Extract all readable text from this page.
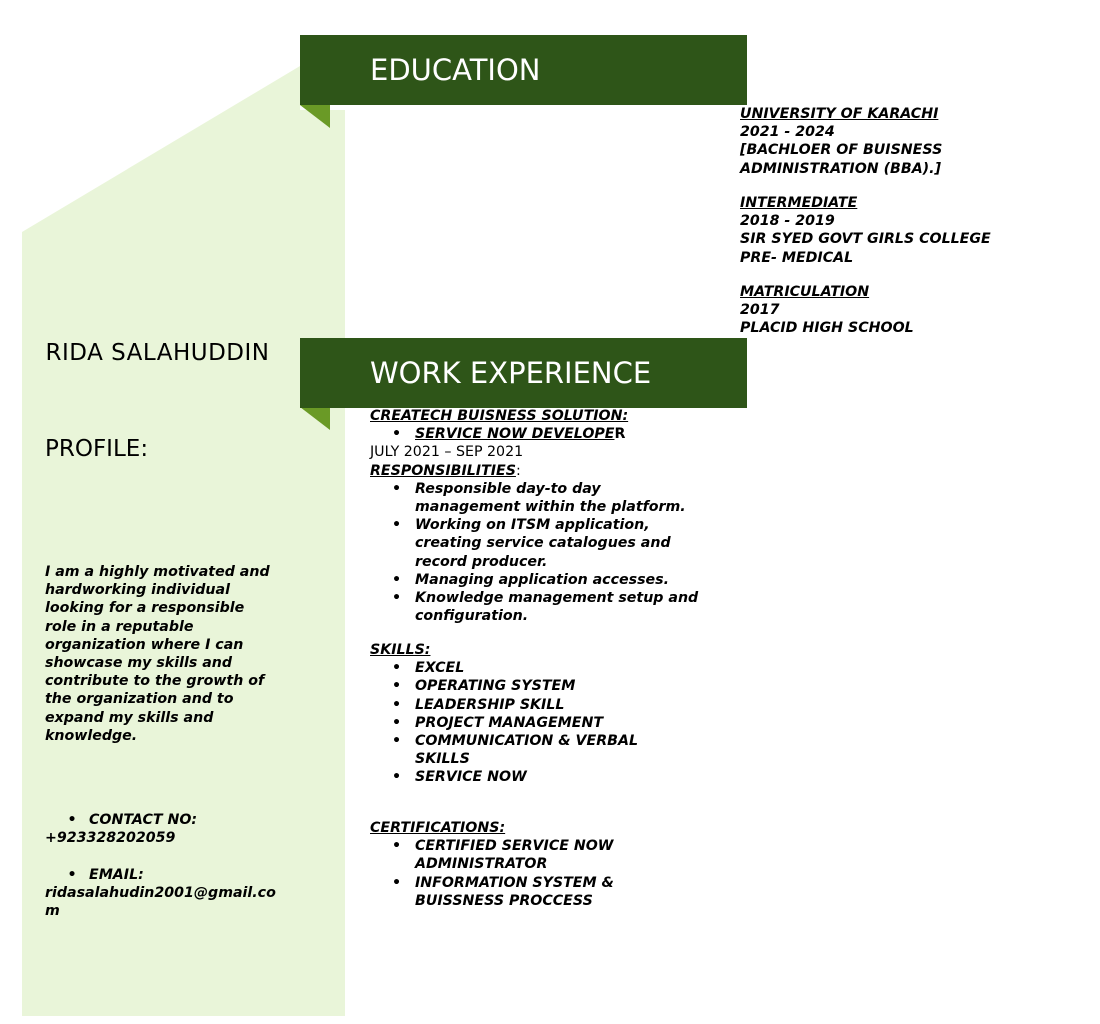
RIDA SALAHUDDIN
PROFILE:
I am a highly motivated and hardworking individual looking for a responsible role in a reputable organization where I can showcase my skills and contribute to the growth of the organization and to expand my skills and knowledge.
• CONTACT NO:
+923328202059
• EMAIL:
ridasalahudin2001@gmail.com
EDUCATION
UNIVERSITY OF KARACHI
2021 - 2024
[BACHLOER OF BUISNESS ADMINISTRATION (BBA).]
INTERMEDIATE
2018 - 2019
SIR SYED GOVT GIRLS COLLEGE
PRE- MEDICAL
MATRICULATION
2017
PLACID HIGH SCHOOL
WORK EXPERIENCE
CREATECH BUISNESS SOLUTION:
• SERVICE NOW DEVELOPER
JULY 2021 – SEP 2021
RESPONSIBILITIES:
• Responsible day-to day management within the platform.
• Working on ITSM application, creating service catalogues and record producer.
• Managing application accesses.
• Knowledge management setup and configuration.
SKILLS:
• EXCEL
• OPERATING SYSTEM
• LEADERSHIP SKILL
• PROJECT MANAGEMENT
• COMMUNICATION & VERBAL SKILLS
• SERVICE NOW
CERTIFICATIONS:
• CERTIFIED SERVICE NOW ADMINISTRATOR
• INFORMATION SYSTEM & BUISSNESS PROCCESS
